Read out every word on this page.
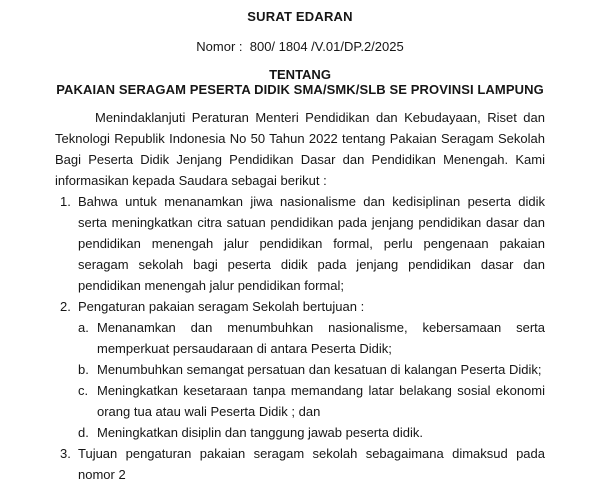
SURAT EDARAN
Nomor :  800/ 1804 /V.01/DP.2/2025
TENTANG
PAKAIAN SERAGAM PESERTA DIDIK SMA/SMK/SLB SE PROVINSI LAMPUNG

Menindaklanjuti Peraturan Menteri Pendidikan dan Kebudayaan, Riset dan Teknologi Republik Indonesia No 50 Tahun 2022 tentang Pakaian Seragam Sekolah Bagi Peserta Didik Jenjang Pendidikan Dasar dan Pendidikan Menengah. Kami informasikan kepada Saudara sebagai berikut :

1. Bahwa untuk menanamkan jiwa nasionalisme dan kedisiplinan peserta didik serta meningkatkan citra satuan pendidikan pada jenjang pendidikan dasar dan pendidikan menengah jalur pendidikan formal, perlu pengenaan pakaian seragam sekolah bagi peserta didik pada jenjang pendidikan dasar dan pendidikan menengah jalur pendidikan formal;
2. Pengaturan pakaian seragam Sekolah bertujuan :
a. Menanamkan dan menumbuhkan nasionalisme, kebersamaan serta memperkuat persaudaraan di antara Peserta Didik;
b. Menumbuhkan semangat persatuan dan kesatuan di kalangan Peserta Didik;
c. Meningkatkan kesetaraan tanpa memandang latar belakang sosial ekonomi orang tua atau wali Peserta Didik ; dan
d. Meningkatkan disiplin dan tanggung jawab peserta didik.
3. Tujuan pengaturan pakaian seragam sekolah sebagaimana dimaksud pada nomor 2
